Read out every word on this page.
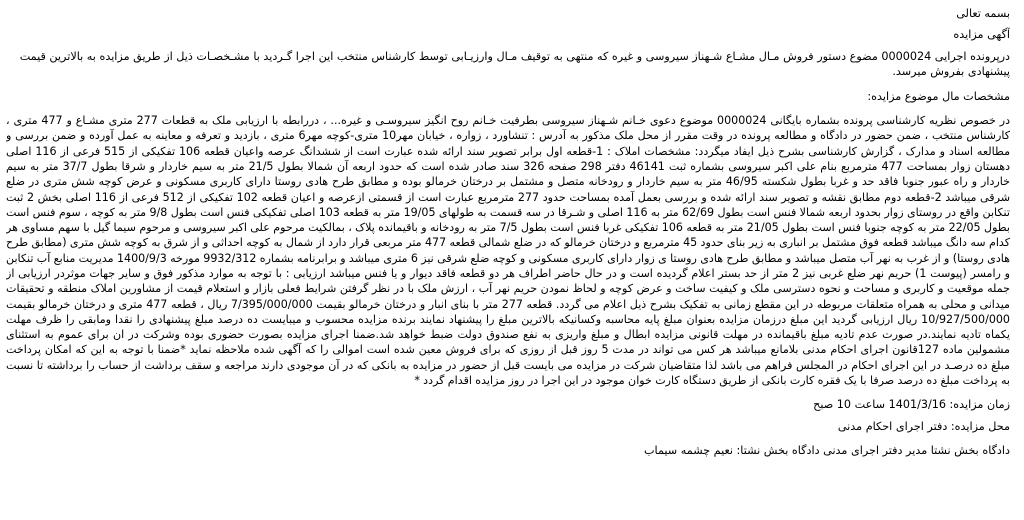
بسمه تعالی
آگهی مزایده
درپرونده اجرایی 0000024 مضوع دستور فروش مـال مشـاع شـهناز سیروسی و غیره که منتهی به توقیف مـال وارزیـابی توسط کارشناس منتخب این اجرا گـردید با مشـخصـات ذیل از طریق مزایده به بالاترین قیمت
پیشنهادی بفروش میرسد.
مشخصات مال موضوع مزایده:
در خصوص نظریه کارشناسی پرونده بشماره بایگانی 0000024 موضوع دعوی خـانم شـهناز سیروسی بطرفیت خـانم روح انگیز سیروسـی و غیره... ، دررابطه با ارزیابی ملک به قطعات 277 متری مشـاع و 477 متری ، کارشناس منتخب ، ضمن حضور در دادگاه و مطالعه پرونده در وقت مقرر از محل ملک مذکور به آدرس : تنشاورد ، زواره ، خیابان مهر10 متری-کوچه مهر6 متری ، بازدید و تعرفه و معاینه به عمل آورده و ضمن بررسی و مطالعه اسناد و مدارک ، گزارش کارشناسی بشرح ذیل ایفاد میگردد: مشخصات املاک : 1-قطعه اول برابر تصویر سند ارائه شده عبارت است از ششدانگ عرصه واعیان قطعه 106 تفکیکی از 515 فرعی از 116 اصلی دهستان زوار بمساحت 477 مترمربع بنام علی اکبر سیروسی بشماره ثبت 46141 دفتر 298 صفحه 326 سند صادر شده است که حدود اربعه آن شمالا بطول 21/5 متر به سیم خاردار و شرقا بطول 37/7 متر به سیم خاردار و راه عبور جنوبا فاقد حد و غربا بطول شکسته 46/95 متر به سیم خاردار و رودخانه متصل و مشتمل بر درختان خرمالو بوده و مطابق طرح هادی روستا دارای کاربری مسکونی و عرض کوچه شش متری در ضلع شرقی میباشد 2-قطعه دوم مطابق نقشه و تصویر سند ارائه شده و بررسی بعمل آمده بمساحت حدود 277 مترمربع عبارت است از قسمتی ازعرصه و اعیان قطعه 102 تفکیکی از 512 فرعی از 116 اصلی بخش 2 ثبت تنکابن واقع در روستای زوار بحدود اربعه شمالا فنس است بطول 62/69 متر به 116 اصلی و شـرقا در سه قسمت به طولهای 19/05 متر به قطعه 103 اصلی تفکیکی فنس است بطول 9/8 متر به کوچه ، سوم فنس است بطول 22/05 متر به کوچه جنوبا فنس است بطول 21/05 متر به قطعه 106 تفکیکی غربا فنس است بطول 7/5 متر به رودخانه و باقیمانده پلاک ، بمالکیت مرحوم علی اکبر سیروسی و مرحوم سیما گیل با سهم مساوی هر کدام سه دانگ میباشد قطعه فوق مشتمل بر انباری به زیر بنای حدود 45 مترمربع و درختان خرمالو که در ضلع شمالی قطعه 477 متر مربعی قرار دارد از شمال به کوچه احداثی و از شرق به کوچه شش متری (مطابق طرح هادی روستا) و از غرب به نهر آب متصل میباشد و مطابق طرح هادی روستا ی زوار دارای کاربری مسکونی و کوچه ضلع شرقی نیز 6 متری میباشد و برابرنامه بشماره 9932/312 مورخه 1400/9/3 مدیریت منابع آب تنکابن و رامسر (پیوست 1) حریم نهر ضلع غربی نیز 2 متر از حد بستر اعلام گردیده است و در حال حاضر اطراف هر دو قطعه فاقد دیوار و یا فنس میباشد ارزیابی : با توجه به موارد مذکور فوق و سایر جهات موثردر ارزیابی از جمله موقعیت و کاربری و مساحت و نحوه دسترسی ملک و کیفیت ساخت و عرض کوچه و لحاظ نمودن حریم نهر آب ، ارزش ملک با در نظر گرفتن شرایط فعلی بازار و استعلام قیمت از مشاورین املاک منطقه و تحقیقات میدانی و محلی به همراه متعلقات مربوطه در این مقطع زمانی به تفکیک بشرح ذیل اعلام می گردد. قطعه 277 متر با بنای انبار و درختان خرمالو بقیمت 7/395/000/000 ریال ، قطعه 477 متری و درختان خرمالو بقیمت 10/927/500/000 ریال ارزیابی گردید این مبلغ درزمان مزایده بعنوان مبلغ پایه محاسبه وکسانیکه بالاترین مبلغ را پیشنهاد نمایند برنده مزایده محسوب و میبایست ده درصد مبلغ پیشنهادی را نقدا ومابقی را ظرف مهلت یکماه تادیه نمایند.در صورت عدم تادیه مبلغ باقیمانده در مهلت قانونی مزایده ابطال و مبلغ واریزی به نفع صندوق دولت ضبط خواهد شد.ضمنا اجرای مزایده بصورت حضوری بوده وشرکت در ان برای عموم به استثنای مشمولین ماده 127قانون اجرای احکام مدنی بلامانع میباشد هر کس می تواند در مدت 5 روز قبل از روزی که برای فروش معین شده است اموالی را که آگهی شده ملاحظه نماید *ضمنا با توجه به این که امکان پرداخت مبلغ ده درصـد در این اجرای احکام در المجلس فراهم می باشد لذا متقاضیان شرکت در مزایده می بایست قبل از حضور در مزایده به بانکی که در آن موجودی دارند مراجعه و سقف برداشت از حساب را برداشته تا نسبت به پرداخت مبلغ ده درصد صرفا با یک فقره کارت بانکی از طریق دستگاه کارت خوان موجود در این اجرا در روز مزایده اقدام گردد *
زمان مزایده: 1401/3/16 ساعت 10 صبح
محل مزایده: دفتر اجرای احکام مدنی
دادگاه بخش نشتا مدیر دفتر اجرای مدنی دادگاه بخش نشتا: نعیم چشمه سیماب
